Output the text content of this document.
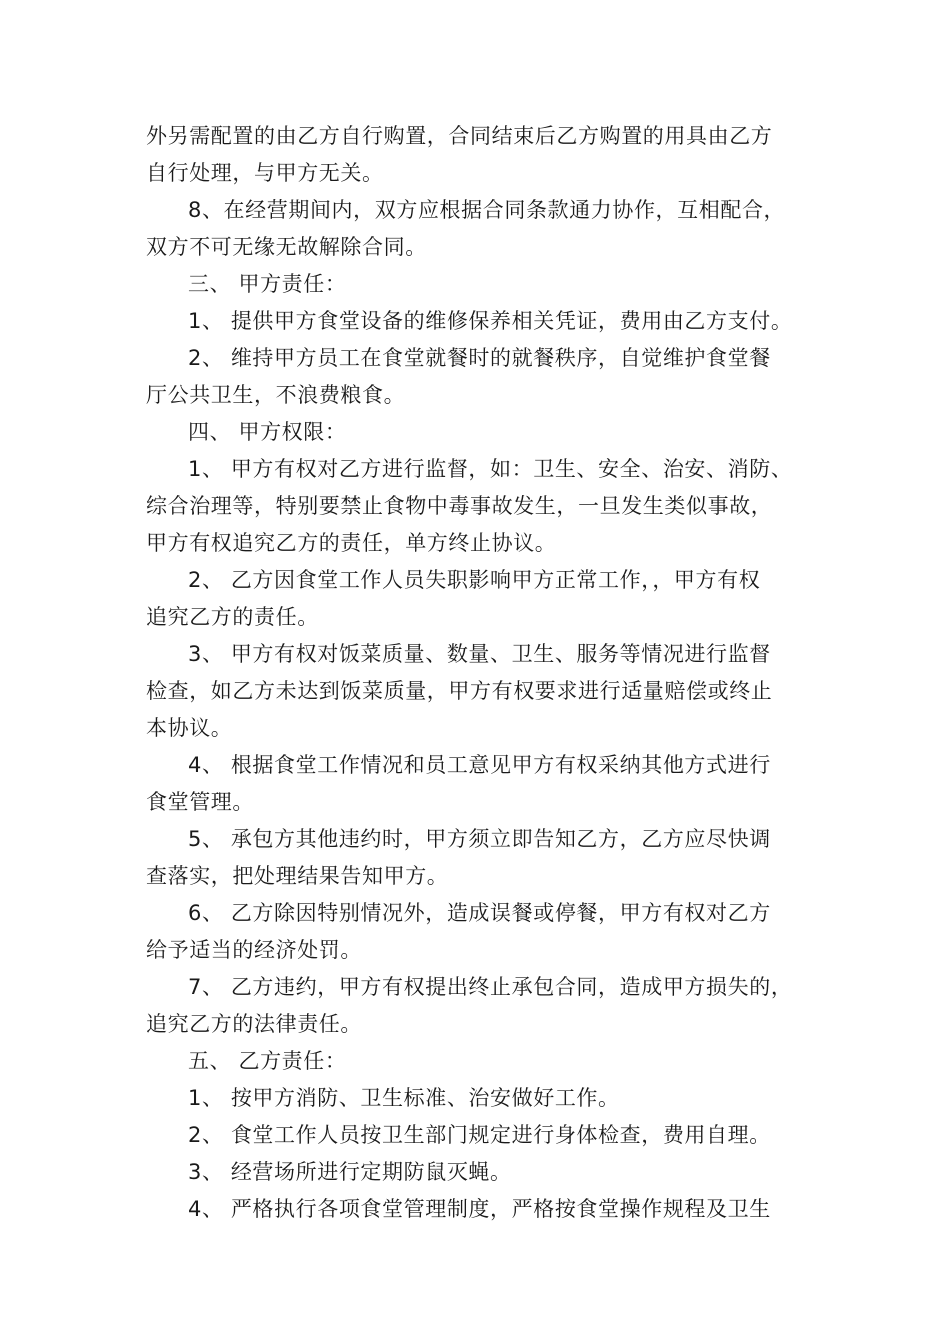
外另需配置的由乙方自行购置，合同结束后乙方购置的用具由乙方
自行处理，与甲方无关。
8、在经营期间内，双方应根据合同条款通力协作，互相配合，
双方不可无缘无故解除合同。
三、 甲方责任：
1、 提供甲方食堂设备的维修保养相关凭证，费用由乙方支付。
2、 维持甲方员工在食堂就餐时的就餐秩序，自觉维护食堂餐
厅公共卫生，不浪费粮食。
四、 甲方权限：
1、 甲方有权对乙方进行监督，如：卫生、安全、治安、消防、
综合治理等，特别要禁止食物中毒事故发生，一旦发生类似事故，
甲方有权追究乙方的责任，单方终止协议。
2、 乙方因食堂工作人员失职影响甲方正常工作，，甲方有权
追究乙方的责任。
3、 甲方有权对饭菜质量、数量、卫生、服务等情况进行监督
检查，如乙方未达到饭菜质量，甲方有权要求进行适量赔偿或终止
本协议。
4、 根据食堂工作情况和员工意见甲方有权采纳其他方式进行
食堂管理。
5、 承包方其他违约时，甲方须立即告知乙方，乙方应尽快调
查落实，把处理结果告知甲方。
6、 乙方除因特别情况外，造成误餐或停餐，甲方有权对乙方
给予适当的经济处罚。
7、 乙方违约，甲方有权提出终止承包合同，造成甲方损失的，
追究乙方的法律责任。
五、 乙方责任：
1、 按甲方消防、卫生标准、治安做好工作。
2、 食堂工作人员按卫生部门规定进行身体检查，费用自理。
3、 经营场所进行定期防鼠灭蝇。
4、 严格执行各项食堂管理制度，严格按食堂操作规程及卫生
